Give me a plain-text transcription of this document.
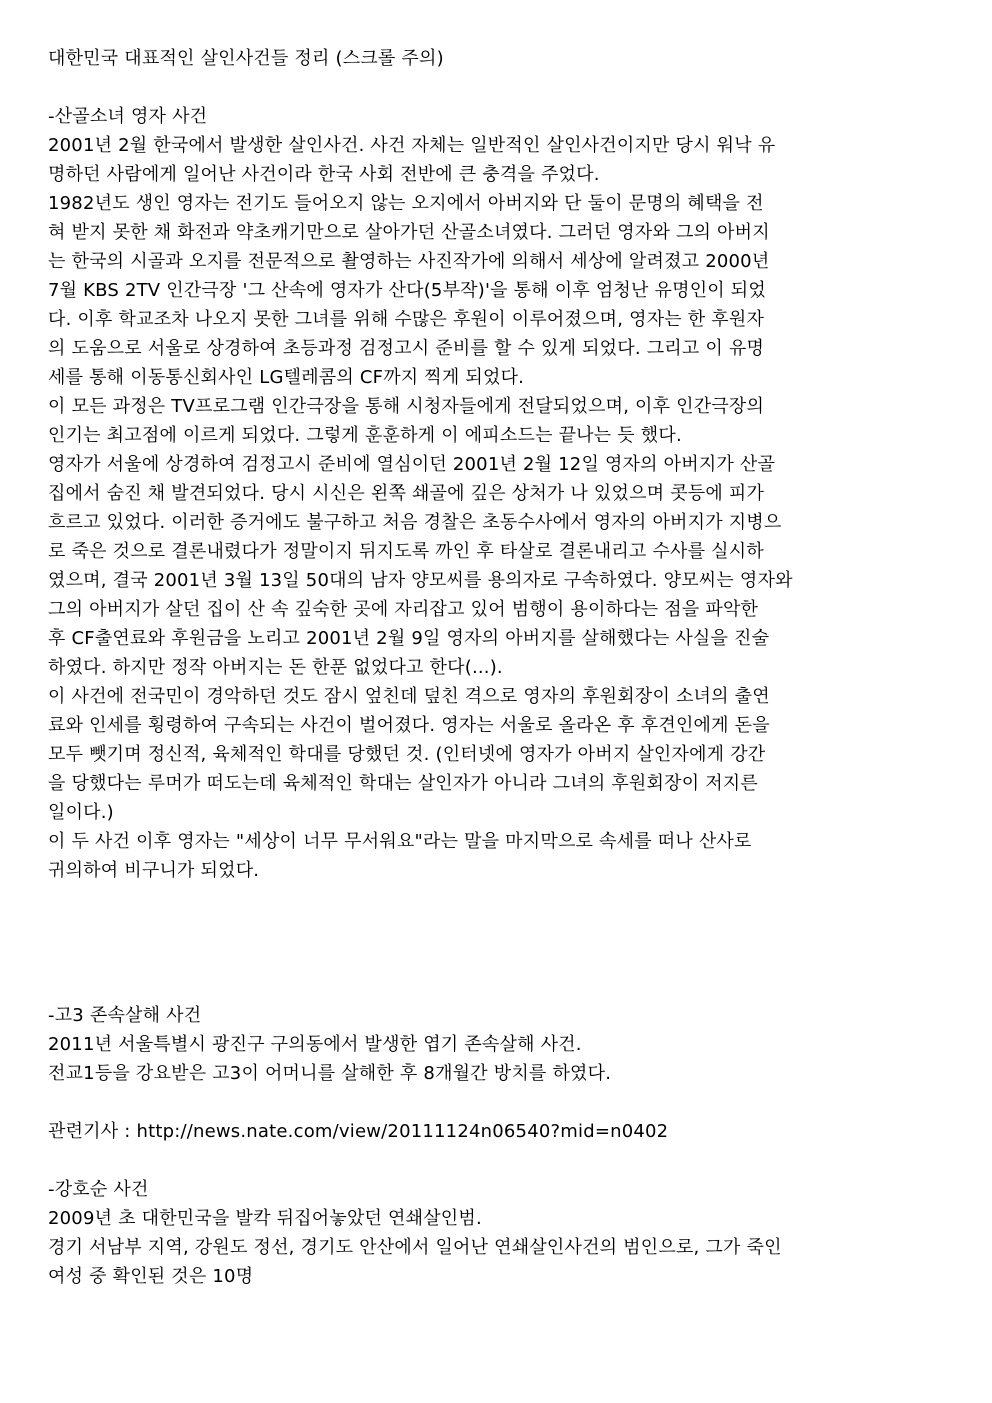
대한민국 대표적인 살인사건들 정리 (스크롤 주의)
-산골소녀 영자 사건
2001년 2월 한국에서 발생한 살인사건. 사건 자체는 일반적인 살인사건이지만 당시 워낙 유
명하던 사람에게 일어난 사건이라 한국 사회 전반에 큰 충격을 주었다.
1982년도 생인 영자는 전기도 들어오지 않는 오지에서 아버지와 단 둘이 문명의 혜택을 전
혀 받지 못한 채 화전과 약초캐기만으로 살아가던 산골소녀였다. 그러던 영자와 그의 아버지
는 한국의 시골과 오지를 전문적으로 촬영하는 사진작가에 의해서 세상에 알려졌고 2000년
7월 KBS 2TV 인간극장 '그 산속에 영자가 산다(5부작)'을 통해 이후 엄청난 유명인이 되었
다. 이후 학교조차 나오지 못한 그녀를 위해 수많은 후원이 이루어졌으며, 영자는 한 후원자
의 도움으로 서울로 상경하여 초등과정 검정고시 준비를 할 수 있게 되었다. 그리고 이 유명
세를 통해 이동통신회사인 LG텔레콤의 CF까지 찍게 되었다.
이 모든 과정은 TV프로그램 인간극장을 통해 시청자들에게 전달되었으며, 이후 인간극장의
인기는 최고점에 이르게 되었다. 그렇게 훈훈하게 이 에피소드는 끝나는 듯 했다.
영자가 서울에 상경하여 검정고시 준비에 열심이던 2001년 2월 12일 영자의 아버지가 산골
집에서 숨진 채 발견되었다. 당시 시신은 왼쪽 쇄골에 깊은 상처가 나 있었으며 콧등에 피가
흐르고 있었다. 이러한 증거에도 불구하고 처음 경찰은 초동수사에서 영자의 아버지가 지병으
로 죽은 것으로 결론내렸다가 정말이지 뒤지도록 까인 후 타살로 결론내리고 수사를 실시하
였으며, 결국 2001년 3월 13일 50대의 남자 양모씨를 용의자로 구속하였다. 양모씨는 영자와
그의 아버지가 살던 집이 산 속 깊숙한 곳에 자리잡고 있어 범행이 용이하다는 점을 파악한
후 CF출연료와 후원금을 노리고 2001년 2월 9일 영자의 아버지를 살해했다는 사실을 진술
하였다. 하지만 정작 아버지는 돈 한푼 없었다고 한다(...).
이 사건에 전국민이 경악하던 것도 잠시 엎친데 덮친 격으로 영자의 후원회장이 소녀의 출연
료와 인세를 횡령하여 구속되는 사건이 벌어졌다. 영자는 서울로 올라온 후 후견인에게 돈을
모두 뺏기며 정신적, 육체적인 학대를 당했던 것. (인터넷에 영자가 아버지 살인자에게 강간
을 당했다는 루머가 떠도는데 육체적인 학대는 살인자가 아니라 그녀의 후원회장이 저지른
일이다.)
이 두 사건 이후 영자는 "세상이 너무 무서워요"라는 말을 마지막으로 속세를 떠나 산사로
귀의하여 비구니가 되었다.
-고3 존속살해 사건
2011년 서울특별시 광진구 구의동에서 발생한 엽기 존속살해 사건.
전교1등을 강요받은 고3이 어머니를 살해한 후 8개월간 방치를 하였다.
관련기사 : http://news.nate.com/view/20111124n06540?mid=n0402
-강호순 사건
2009년 초 대한민국을 발칵 뒤집어놓았던 연쇄살인범.
경기 서남부 지역, 강원도 정선, 경기도 안산에서 일어난 연쇄살인사건의 범인으로, 그가 죽인
여성 중 확인된 것은 10명
